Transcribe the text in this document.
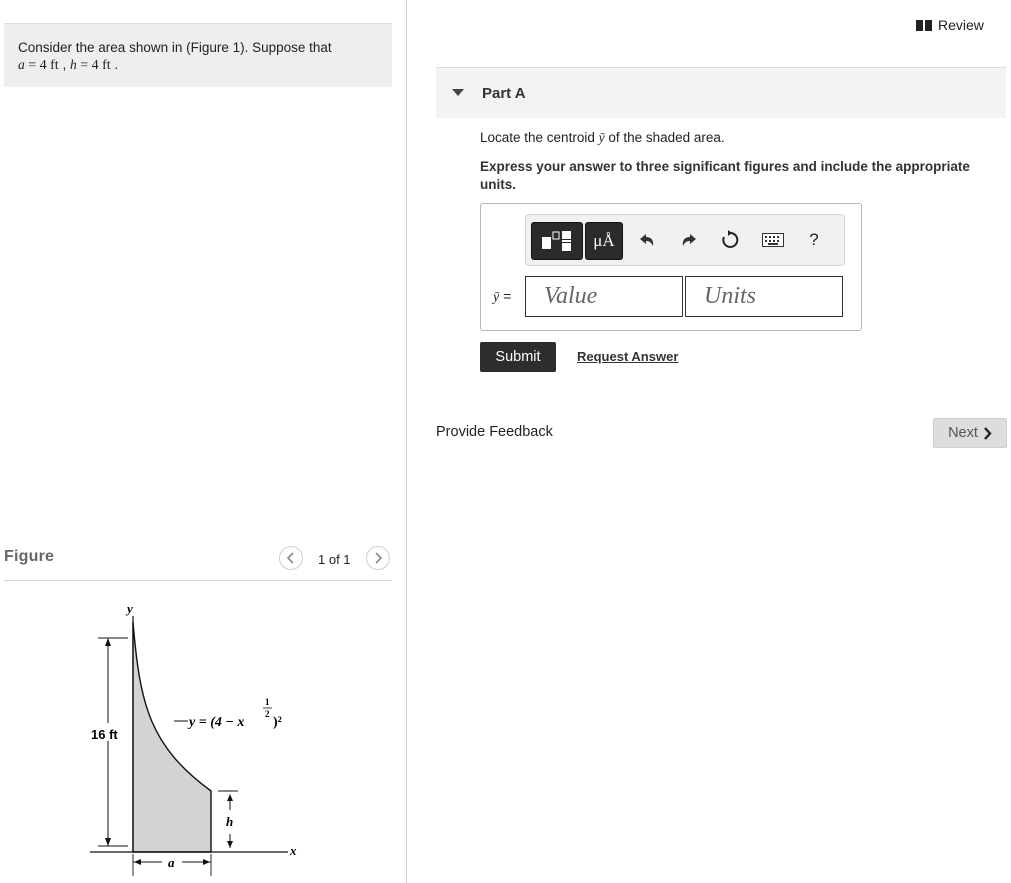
Consider the area shown in (Figure 1). Suppose that
a = 4 ft , h = 4 ft .
Figure	1 of 1
y
x
16 ft
y = (4 − x
1
2
)²
h
a
Review
Part A
Locate the centroid ȳ of the shaded area.
Express your answer to three significant figures and include the appropriate units.
μÅ	?
ȳ =
Value
Units
Submit	Request Answer
Provide Feedback	Next
